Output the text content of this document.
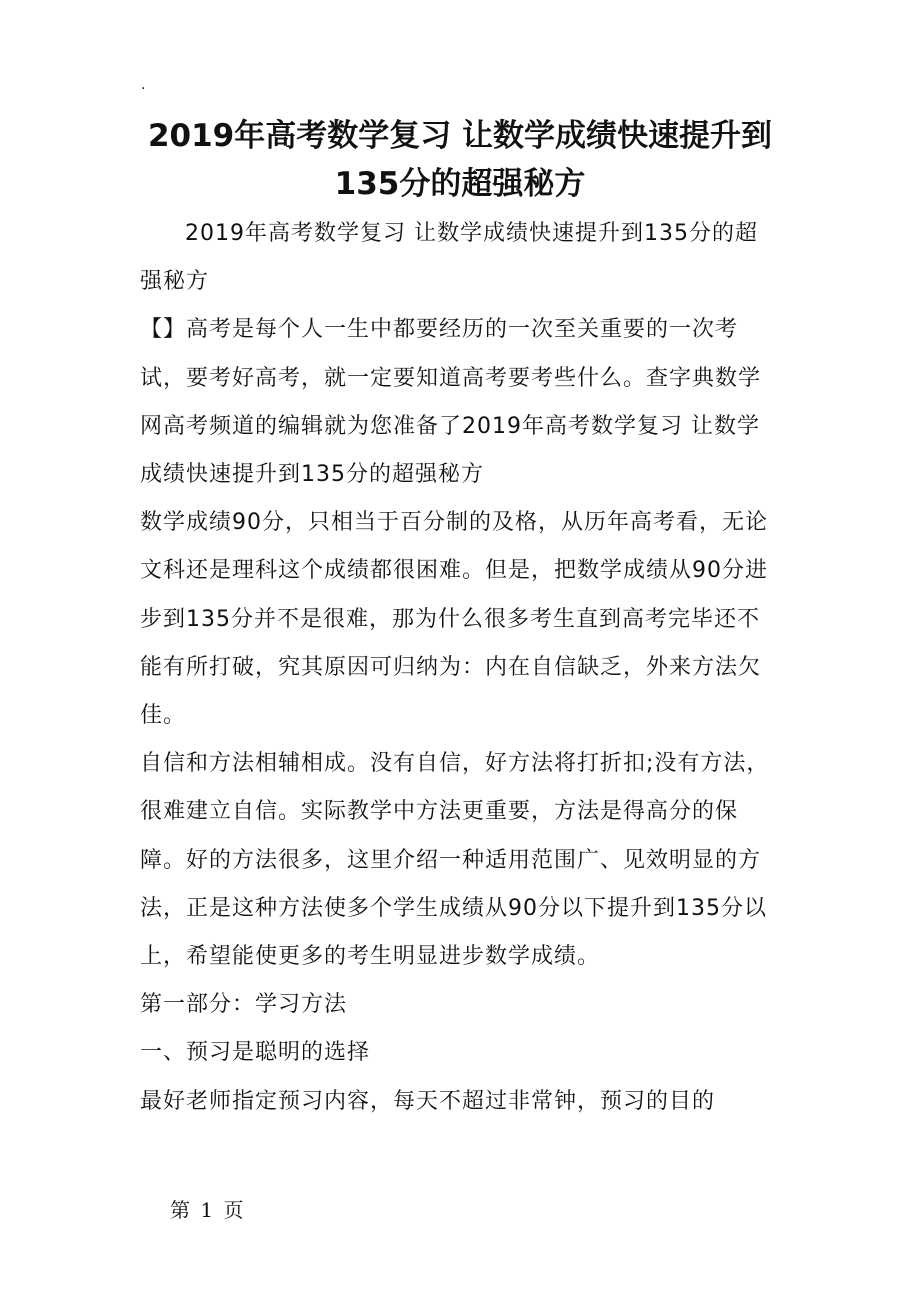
.
2019年高考数学复习 让数学成绩快速提升到
135分的超强秘方

2019年高考数学复习 让数学成绩快速提升到135分的超强秘方

【】高考是每个人一生中都要经历的一次至关重要的一次考试，要考好高考，就一定要知道高考要考些什么。查字典数学网高考频道的编辑就为您准备了2019年高考数学复习 让数学成绩快速提升到135分的超强秘方

数学成绩90分，只相当于百分制的及格，从历年高考看，无论文科还是理科这个成绩都很困难。但是，把数学成绩从90分进步到135分并不是很难，那为什么很多考生直到高考完毕还不能有所打破，究其原因可归纳为：内在自信缺乏，外来方法欠佳。

自信和方法相辅相成。没有自信，好方法将打折扣;没有方法，很难建立自信。实际教学中方法更重要，方法是得高分的保障。好的方法很多，这里介绍一种适用范围广、见效明显的方法，正是这种方法使多个学生成绩从90分以下提升到135分以上，希望能使更多的考生明显进步数学成绩。

第一部分：学习方法

一、预习是聪明的选择

最好老师指定预习内容，每天不超过非常钟，预习的目的

第 1 页
